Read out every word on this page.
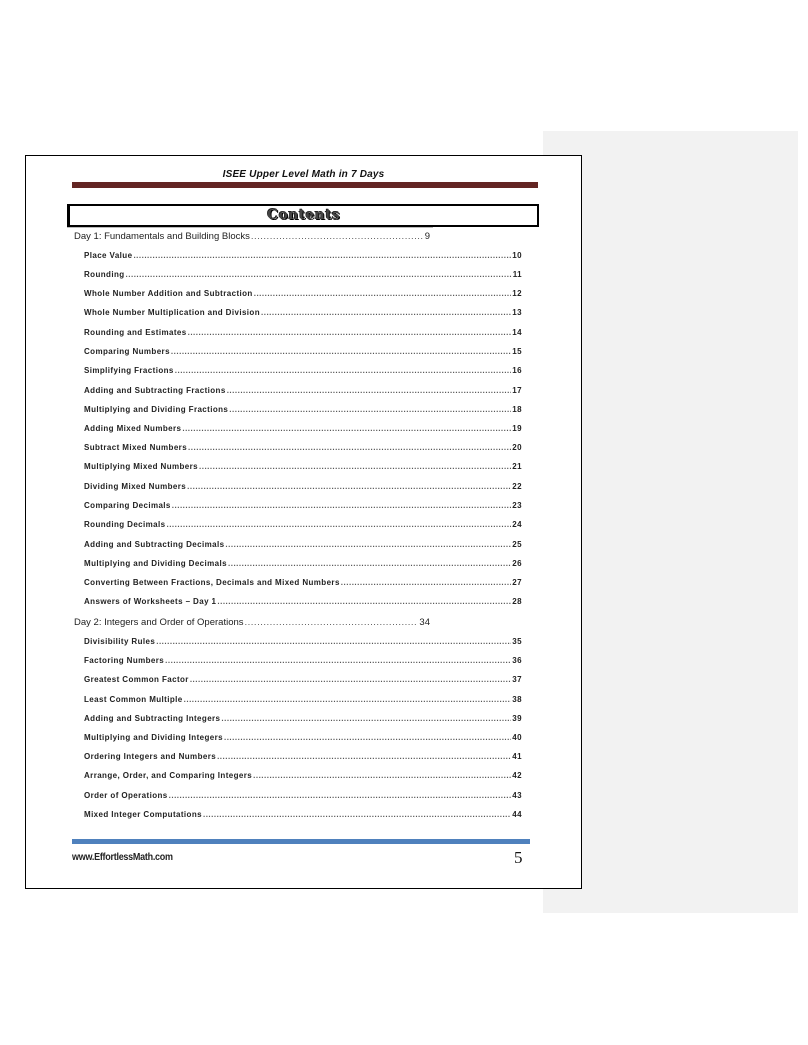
ISEE Upper Level Math in 7 Days
Contents
Day 1: Fundamentals and Building Blocks .....	9
Place Value .....	10
Rounding .....	11
Whole Number Addition and Subtraction .....	12
Whole Number Multiplication and Division .....	13
Rounding and Estimates .....	14
Comparing Numbers .....	15
Simplifying Fractions .....	16
Adding and Subtracting Fractions .....	17
Multiplying and Dividing Fractions .....	18
Adding Mixed Numbers .....	19
Subtract Mixed Numbers .....	20
Multiplying Mixed Numbers .....	21
Dividing Mixed Numbers .....	22
Comparing Decimals .....	23
Rounding Decimals .....	24
Adding and Subtracting Decimals .....	25
Multiplying and Dividing Decimals .....	26
Converting Between Fractions, Decimals and Mixed Numbers .....	27
Answers of Worksheets – Day 1 .....	28
Day 2: Integers and Order of Operations .....	34
Divisibility Rules .....	35
Factoring Numbers .....	36
Greatest Common Factor .....	37
Least Common Multiple .....	38
Adding and Subtracting Integers .....	39
Multiplying and Dividing Integers .....	40
Ordering Integers and Numbers .....	41
Arrange, Order, and Comparing Integers .....	42
Order of Operations .....	43
Mixed Integer Computations .....	44
www.EffortlessMath.com	5
